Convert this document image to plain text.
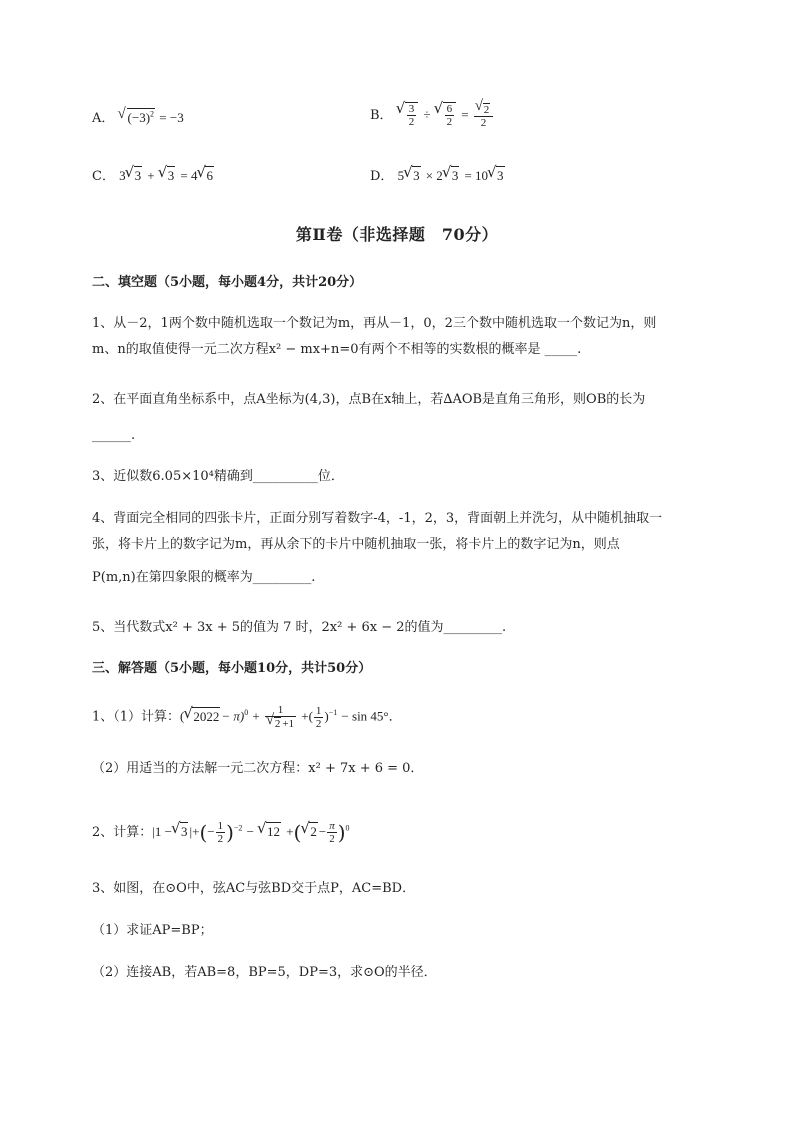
A． √ $(-3)^2 = -3$	B． √ $\frac{3}{2}$ ÷ √ $\frac{6}{2}$ = √ $\frac{2}{2}$
C． 3 √ 3 + √ 3 = 4 √ 6	D． 5 √ 3 × 2 √ 3 = 10 √ 3
第Ⅱ卷（非选择题　70分）
二、填空题（5小题，每小题4分，共计20分）
1、从－2，1两个数中随机选取一个数记为m，再从－1，0，2三个数中随机选取一个数记为n，则
m、n的取值使得一元二次方程x² − mx+n=0有两个不相等的实数根的概率是 _____.
2、在平面直角坐标系中，点A坐标为(4,3)，点B在x轴上，若∆AOB是直角三角形，则OB的长为
______.
3、近似数6.05×10⁴精确到__________位．
4、背面完全相同的四张卡片，正面分别写着数字-4，-1，2，3，背面朝上并洗匀，从中随机抽取一
张，将卡片上的数字记为m，再从余下的卡片中随机抽取一张，将卡片上的数字记为n，则点
P(m,n)在第四象限的概率为_________.
5、当代数式x² + 3x + 5的值为 7 时，2x² + 6x − 2的值为_________.
三、解答题（5小题，每小题10分，共计50分）
1、（1）计算：( √ 2022 − π)$^0$ + 1
√ 2 +1 +( $\frac{1}{2} )^{-1} - \sin 45^\circ$．
（2）用适当的方法解一元二次方程：x² + 7x + 6 = 0．
2、计算：|1 − √ 3 |+(− $\frac{1}{2} )^{-2}$ − √ 12 +( √ $2 - \frac{\pi}{2} )^0$
3、如图，在⊙O中，弦AC与弦BD交于点P，AC=BD．
（1）求证AP=BP；
（2）连接AB，若AB=8，BP=5，DP=3，求⊙O的半径．
